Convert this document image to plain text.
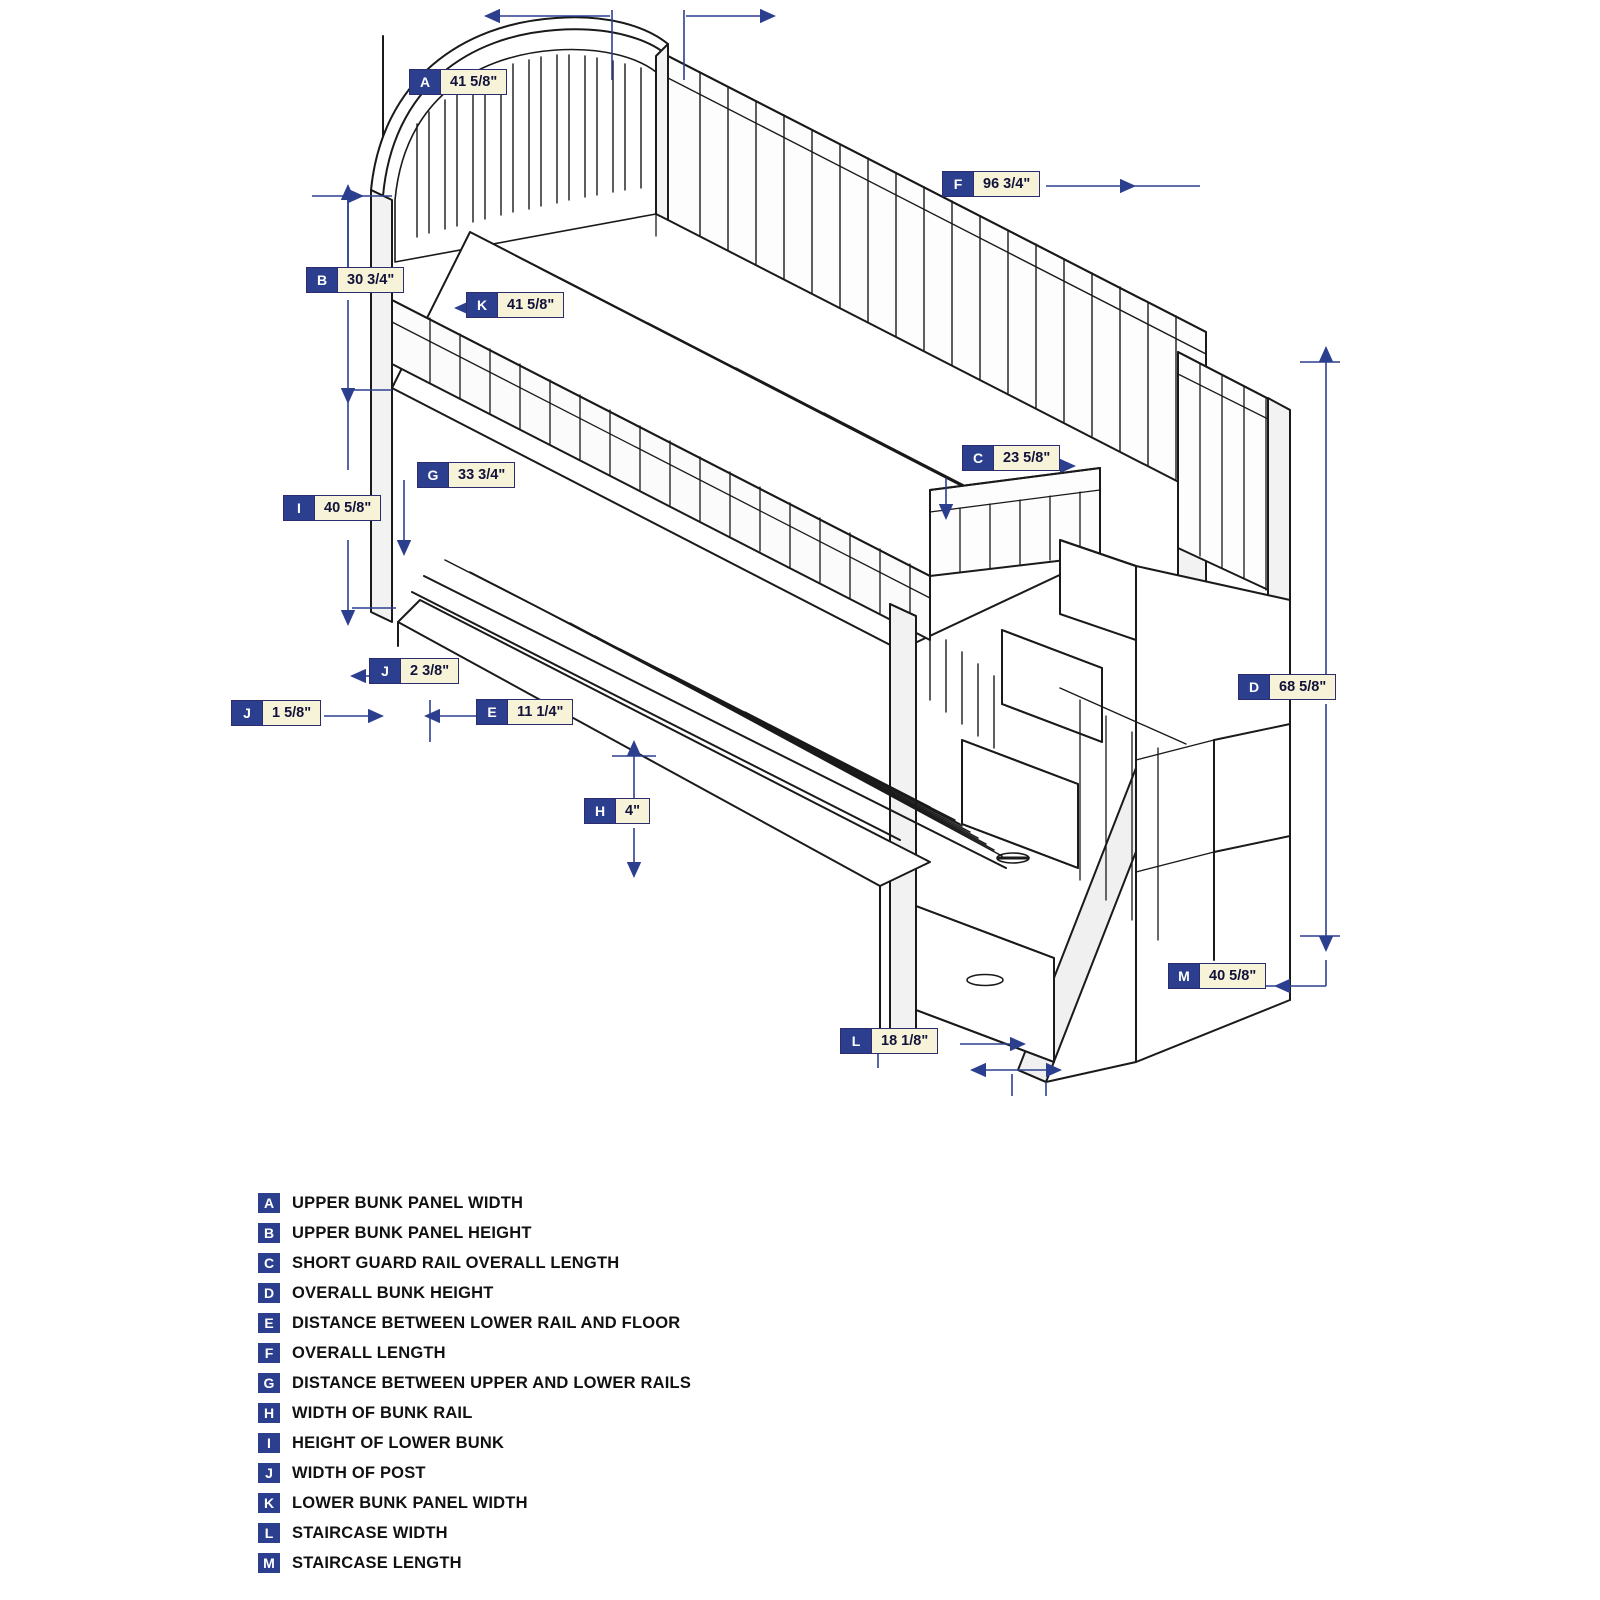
A	41 5/8"
F	96 3/4"
B	30 3/4"
K	41 5/8"
G	33 3/4"
I	40 5/8"
C	23 5/8"
D	68 5/8"
J	2 3/8"
J	1 5/8"	E	11 1/4"
H	4"
M	40 5/8"
L	18 1/8"
A	UPPER BUNK PANEL WIDTH
B	UPPER BUNK PANEL HEIGHT
C	SHORT GUARD RAIL OVERALL LENGTH
D	OVERALL BUNK HEIGHT
E	DISTANCE BETWEEN LOWER RAIL AND FLOOR
F	OVERALL LENGTH
G	DISTANCE BETWEEN UPPER AND LOWER RAILS
H	WIDTH OF BUNK RAIL
I	HEIGHT OF LOWER BUNK
J	WIDTH OF POST
K	LOWER BUNK PANEL WIDTH
L	STAIRCASE WIDTH
M	STAIRCASE LENGTH
